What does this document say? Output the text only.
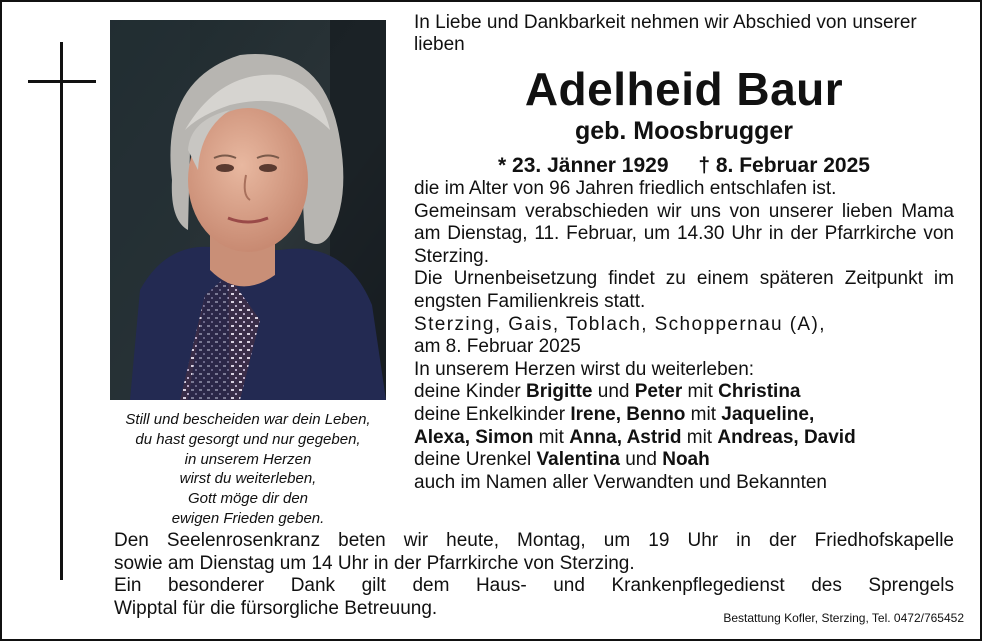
Still und bescheiden war dein Leben,
du hast gesorgt und nur gegeben,
in unserem Herzen
wirst du weiterleben,
Gott möge dir den
ewigen Frieden geben.
In Liebe und Dankbarkeit nehmen wir Abschied von unserer lieben
Adelheid Baur
geb. Moosbrugger
* 23. Jänner 1929 † 8. Februar 2025
die im Alter von 96 Jahren friedlich entschlafen ist.
Gemeinsam verabschieden wir uns von unserer lieben Mama am Dienstag, 11. Februar, um 14.30 Uhr in der Pfarrkirche von Sterzing.
Die Urnenbeisetzung findet zu einem späteren Zeitpunkt im engsten Familienkreis statt.
Sterzing, Gais, Toblach, Schoppernau (A),
am 8. Februar 2025
In unserem Herzen wirst du weiterleben:
deine Kinder Brigitte und Peter mit Christina
deine Enkelkinder Irene, Benno mit Jaqueline,
Alexa, Simon mit Anna, Astrid mit Andreas, David
deine Urenkel Valentina und Noah
auch im Namen aller Verwandten und Bekannten
Den Seelenrosenkranz beten wir heute, Montag, um 19 Uhr in der Friedhofskapelle
sowie am Dienstag um 14 Uhr in der Pfarrkirche von Sterzing.
Ein besonderer Dank gilt dem Haus- und Krankenpflegedienst des Sprengels
Wipptal für die fürsorgliche Betreuung.	Bestattung Kofler, Sterzing, Tel. 0472/765452
